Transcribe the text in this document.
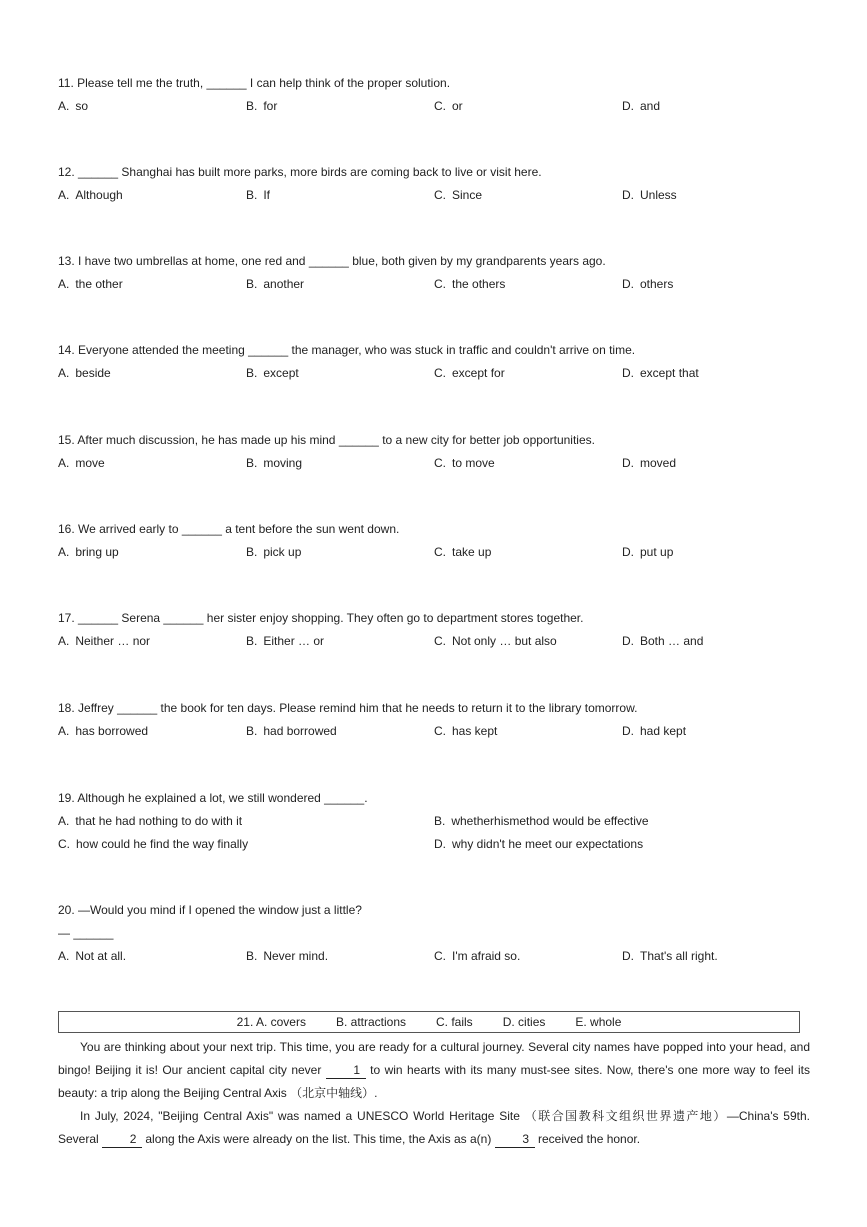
11. Please tell me the truth, ______ I can help think of the proper solution.
A. so	B. for	C. or	D. and
12. ______ Shanghai has built more parks, more birds are coming back to live or visit here.
A. Although	B. If	C. Since	D. Unless
13. I have two umbrellas at home, one red and ______ blue, both given by my grandparents years ago.
A. the other	B. another	C. the others	D. others
14. Everyone attended the meeting ______ the manager, who was stuck in traffic and couldn't arrive on time.
A. beside	B. except	C. except for	D. except that
15. After much discussion, he has made up his mind ______ to a new city for better job opportunities.
A. move	B. moving	C. to move	D. moved
16. We arrived early to ______ a tent before the sun went down.
A. bring up	B. pick up	C. take up	D. put up
17. ______ Serena ______ her sister enjoy shopping. They often go to department stores together.
A. Neither … nor	B. Either … or	C. Not only … but also	D. Both … and
18. Jeffrey ______ the book for ten days. Please remind him that he needs to return it to the library tomorrow.
A. has borrowed	B. had borrowed	C. has kept	D. had kept
19. Although he explained a lot, we still wondered ______.
A. that he had nothing to do with it	B. whetherhismethod would be effective
C. how could he find the way finally	D. why didn't he meet our expectations
20. —Would you mind if I opened the window just a little?
— ______
A. Not at all.	B. Never mind.	C. I'm afraid so.	D. That's all right.
21. A. covers	B. attractions	C. fails	D. cities	E. whole

You are thinking about your next trip. This time, you are ready for a cultural journey. Several city names have popped into your head, and bingo! Beijing it is! Our ancient capital city never 1 to win hearts with its many must-see sites. Now, there's one more way to feel its beauty: a trip along the Beijing Central Axis （北京中轴线）.

In July, 2024, "Beijing Central Axis" was named a UNESCO World Heritage Site （联合国教科文组织世界遗产地）—China's 59th. Several 2 along the Axis were already on the list. This time, the Axis as a(n) 3 received the honor.
